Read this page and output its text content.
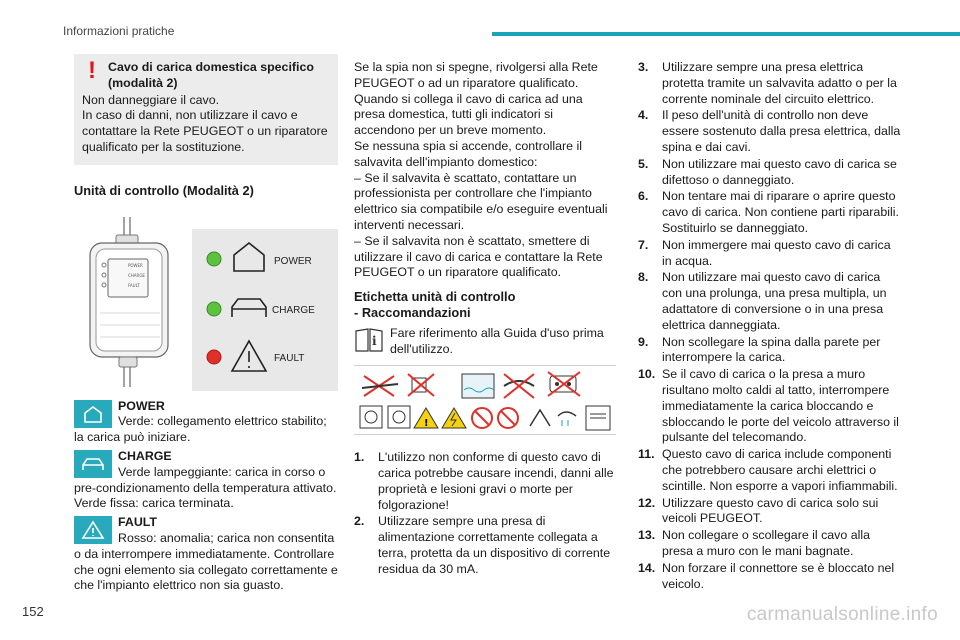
Informazioni pratiche
! Cavo di carica domestica specifico (modalità 2)
Non danneggiare il cavo.
In caso di danni, non utilizzare il cavo e contattare la Rete PEUGEOT o un riparatore qualificato per la sostituzione.
Unità di controllo (Modalità 2)
POWER
CHARGE
FAULT
POWER
CHARGE
FAULT
POWER
Verde: collegamento elettrico stabilito; la carica può iniziare.
CHARGE
Verde lampeggiante: carica in corso o pre-condizionamento della temperatura attivato. Verde fissa: carica terminata.
FAULT
Rosso: anomalia; carica non consentita o da interrompere immediatamente. Controllare che ogni elemento sia collegato correttamente e che l'impianto elettrico non sia guasto.

Se la spia non si spegne, rivolgersi alla Rete PEUGEOT o ad un riparatore qualificato.
Quando si collega il cavo di carica ad una presa domestica, tutti gli indicatori si accendono per un breve momento.
Se nessuna spia si accende, controllare il salvavita dell'impianto domestico:
– Se il salvavita è scattato, contattare un professionista per controllare che l'impianto elettrico sia compatibile e/o eseguire eventuali interventi necessari.
– Se il salvavita non è scattato, smettere di utilizzare il cavo di carica e contattare la Rete PEUGEOT o un riparatore qualificato.

Etichetta unità di controllo
- Raccomandazioni
i
Fare riferimento alla Guida d'uso prima dell'utilizzo.
!
1. L'utilizzo non conforme di questo cavo di carica potrebbe causare incendi, danni alle proprietà e lesioni gravi o morte per folgorazione!
2. Utilizzare sempre una presa di alimentazione correttamente collegata a terra, protetta da un dispositivo di corrente residua da 30 mA.
3. Utilizzare sempre una presa elettrica protetta tramite un salvavita adatto o per la corrente nominale del circuito elettrico.
4. Il peso dell'unità di controllo non deve essere sostenuto dalla presa elettrica, dalla spina e dai cavi.
5. Non utilizzare mai questo cavo di carica se difettoso o danneggiato.
6. Non tentare mai di riparare o aprire questo cavo di carica. Non contiene parti riparabili. Sostituirlo se danneggiato.
7. Non immergere mai questo cavo di carica in acqua.
8. Non utilizzare mai questo cavo di carica con una prolunga, una presa multipla, un adattatore di conversione o in una presa elettrica danneggiata.
9. Non scollegare la spina dalla parete per interrompere la carica.
10. Se il cavo di carica o la presa a muro risultano molto caldi al tatto, interrompere immediatamente la carica bloccando e sbloccando le porte del veicolo attraverso il pulsante del telecomando.
11. Questo cavo di carica include componenti che potrebbero causare archi elettrici o scintille. Non esporre a vapori infiammabili.
12. Utilizzare questo cavo di carica solo sui veicoli PEUGEOT.
13. Non collegare o scollegare il cavo alla presa a muro con le mani bagnate.
14. Non forzare il connettore se è bloccato nel veicolo.
152	carmanualsonline.info
